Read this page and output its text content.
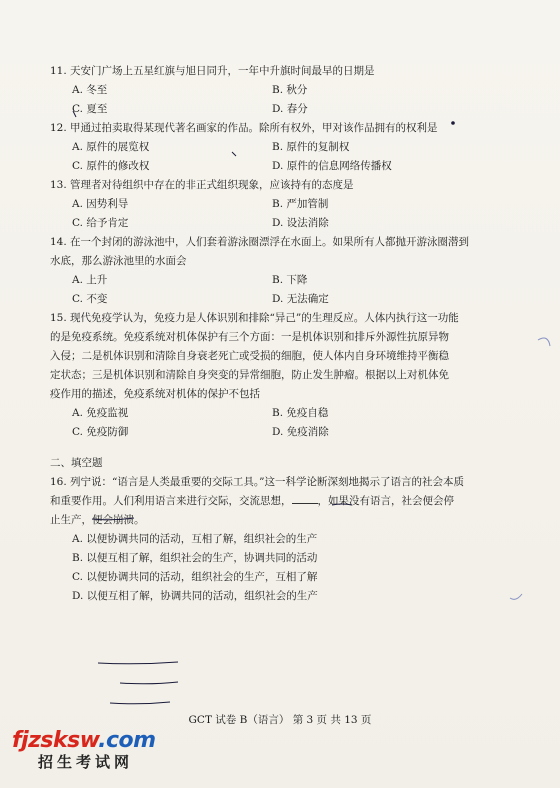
11. 天安门广场上五星红旗与旭日同升，一年中升旗时间最早的日期是
A. 冬至	B. 秋分
C. 夏至	D. 春分
12. 甲通过拍卖取得某现代著名画家的作品。除所有权外，甲对该作品拥有的权利是
A. 原件的展览权	B. 原件的复制权
C. 原件的修改权	D. 原件的信息网络传播权
13. 管理者对待组织中存在的非正式组织现象，应该持有的态度是
A. 因势利导	B. 严加管制
C. 给予肯定	D. 设法消除
14. 在一个封闭的游泳池中，人们套着游泳圈漂浮在水面上。如果所有人都抛开游泳圈潜到
水底，那么游泳池里的水面会
A. 上升	B. 下降
C. 不变	D. 无法确定
15. 现代免疫学认为，免疫力是人体识别和排除“异己”的生理反应。人体内执行这一功能
的是免疫系统。免疫系统对机体保护有三个方面：一是机体识别和排斥外源性抗原异物
入侵；二是机体识别和清除自身衰老死亡或受损的细胞，使人体内自身环境维持平衡稳
定状态；三是机体识别和清除自身突变的异常细胞，防止发生肿瘤。根据以上对机体免
疫作用的描述，免疫系统对机体的保护不包括
A. 免疫监视	B. 免疫自稳
C. 免疫防御	D. 免疫消除
二、填空题
16. 列宁说：“语言是人类最重要的交际工具。”这一科学论断深刻地揭示了语言的社会本质
和重要作用。人们利用语言来进行交际，交流思想， ，如果没有语言，社会便会停
止生产，便会崩溃。
A. 以便协调共同的活动，互相了解，组织社会的生产
B. 以便互相了解，组织社会的生产，协调共同的活动
C. 以便协调共同的活动，组织社会的生产，互相了解
D. 以便互相了解，协调共同的活动，组织社会的生产
GCT 试卷 B（语言） 第 3 页 共 13 页
fjzsksw.com
招生考试网
